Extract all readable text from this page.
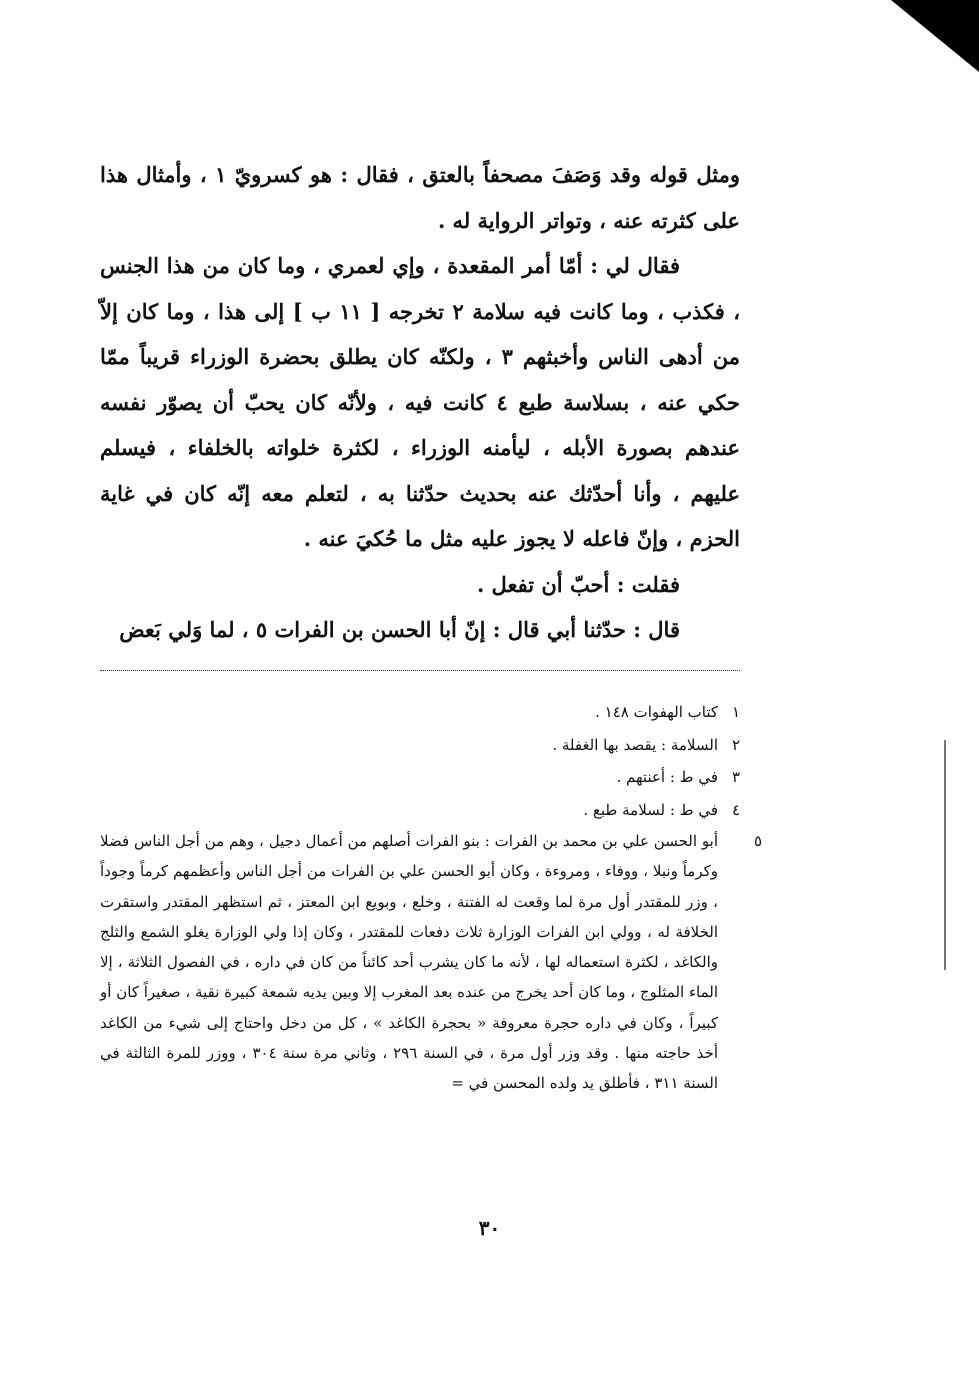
ومثل قوله وقد وَصَفَ مصحفاً بالعتق ، فقال : هو كسرويّ ١ ، وأمثال هذا على كثرته عنه ، وتواتر الرواية له .

فقال لي : أمّا أمر المقعدة ، وإي لعمري ، وما كان من هذا الجنس ، فكذب ، وما كانت فيه سلامة ٢ تخرجه [ ١١ ب ] إلى هذا ، وما كان إلاّ من أدهى الناس وأخبثهم ٣ ، ولكنّه كان يطلق بحضرة الوزراء قريباً ممّا حكي عنه ، بسلاسة طبع ٤ كانت فيه ، ولأنّه كان يحبّ أن يصوّر نفسه عندهم بصورة الأبله ، ليأمنه الوزراء ، لكثرة خلواته بالخلفاء ، فيسلم عليهم ، وأنا أحدّثك عنه بحديث حدّثنا به ، لتعلم معه إنّه كان في غاية الحزم ، وإنّ فاعله لا يجوز عليه مثل ما حُكيَ عنه .

فقلت : أحبّ أن تفعل .

قال : حدّثنا أبي قال : إنّ أبا الحسن بن الفرات ٥ ، لما وَلي بَعض

١كتاب الهفوات ١٤٨ .

٢السلامة : يقصد بها الغفلة .

٣في ط : أعنتهم .

٤في ط : لسلامة طبع .

٥أبو الحسن علي بن محمد بن الفرات : بنو الفرات أصلهم من أعمال دجيل ، وهم من أجل الناس فضلا وكرماً ونبلا ، ووفاء ، ومروءة ، وكان أبو الحسن علي بن الفرات من أجل الناس وأعظمهم كرماً وجوداً ، وزر للمقتدر أول مرة لما وقعت له الفتنة ، وخلع ، وبويع ابن المعتز ، ثم استظهر المقتدر واستقرت الخلافة له ، وولي ابن الفرات الوزارة ثلاث دفعات للمقتدر ، وكان إذا ولي الوزارة يغلو الشمع والثلج والكاغد ، لكثرة استعماله لها ، لأنه ما كان يشرب أحد كائناً من كان في داره ، في الفصول الثلاثة ، إلا الماء المثلوج ، وما كان أحد يخرج من عنده بعد المغرب إلا وبين يديه شمعة كبيرة نقية ، صغيراً كان أو كبيراً ، وكان في داره حجرة معروفة « بحجرة الكاغد » ، كل من دخل واحتاج إلى شيء من الكاغد أخذ حاجته منها . وقد وزر أول مرة ، في السنة ٢٩٦ ، وثاني مرة سنة ٣٠٤ ، ووزر للمرة الثالثة في السنة ٣١١ ، فأطلق يد ولده المحسن في =

٣٠
